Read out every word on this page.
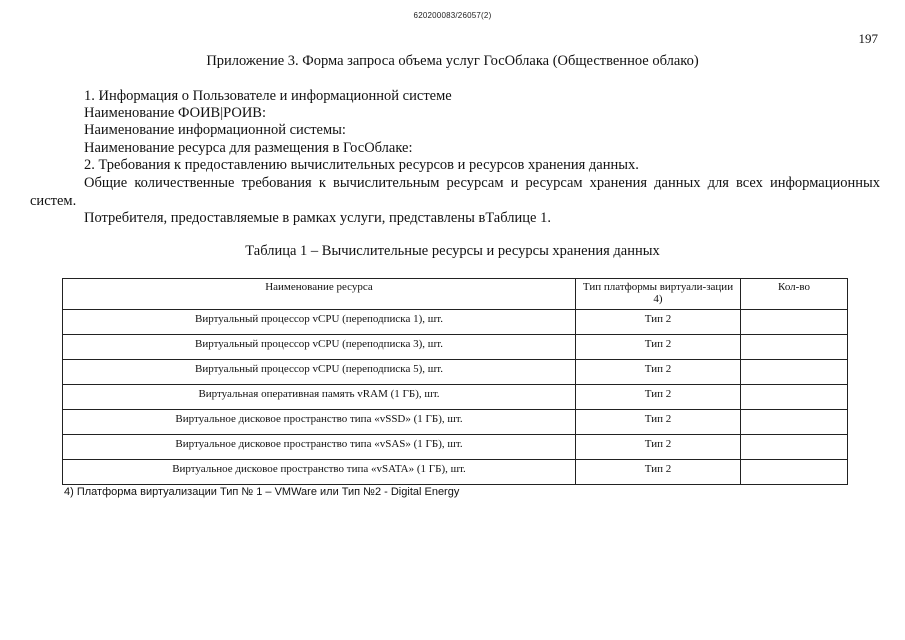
620200083/26057(2)
197
Приложение 3. Форма запроса объема услуг ГосОблака (Общественное облако)
1. Информация о Пользователе и информационной системе
Наименование ФОИВ|РОИВ:
Наименование информационной системы:
Наименование ресурса для размещения в ГосОблаке:
2. Требования к предоставлению вычислительных ресурсов и ресурсов хранения данных.
Общие количественные требования к вычислительным ресурсам и ресурсам хранения данных для всех информационных
систем.
Потребителя, предоставляемые в рамках услуги, представлены вТаблице 1.
Таблица 1 – Вычислительные ресурсы и ресурсы хранения данных
Наименование ресурса	Тип платформы виртуали-зации 4)	Кол-во
Виртуальный процессор vCPU (переподписка 1), шт.	Тип 2	
Виртуальный процессор vCPU (переподписка 3), шт.	Тип 2	
Виртуальный процессор vCPU (переподписка 5), шт.	Тип 2	
Виртуальная оперативная память vRAM (1 ГБ), шт.	Тип 2	
Виртуальное дисковое пространство типа «vSSD» (1 ГБ), шт.	Тип 2	
Виртуальное дисковое пространство типа «vSAS» (1 ГБ), шт.	Тип 2	
Виртуальное дисковое пространство типа «vSATA» (1 ГБ), шт.	Тип 2	
4) Платформа виртуализации Тип № 1 – VMWare или Тип №2 - Digital Energy
